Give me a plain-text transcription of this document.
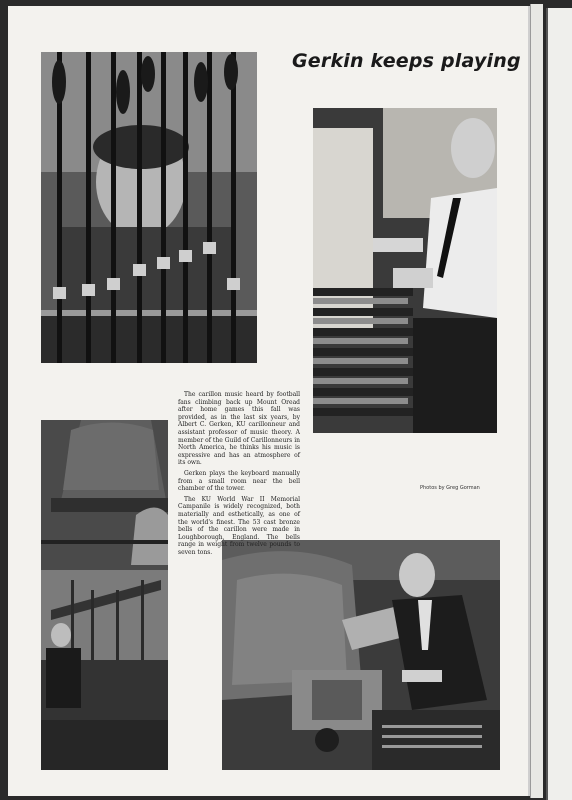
Gerkin keeps playing

The carillon music heard by football fans climbing back up Mount Oread after home games this fall was provided, as in the last six years, by Albert C. Gerken, KU carillonneur and assistant professor of music theory. A member of the Guild of Carillonneurs in North America, he thinks his music is expressive and has an atmosphere of its own.

Gerken plays the keyboard manually from a small room near the bell chamber of the tower.

The KU World War II Memorial Campanile is widely recognized, both materially and esthetically, as one of the world's finest. The 53 cast bronze bells of the carillon were made in Loughborough, England. The bells range in weight from twelve pounds to seven tons.

Photos by Greg Gorman
